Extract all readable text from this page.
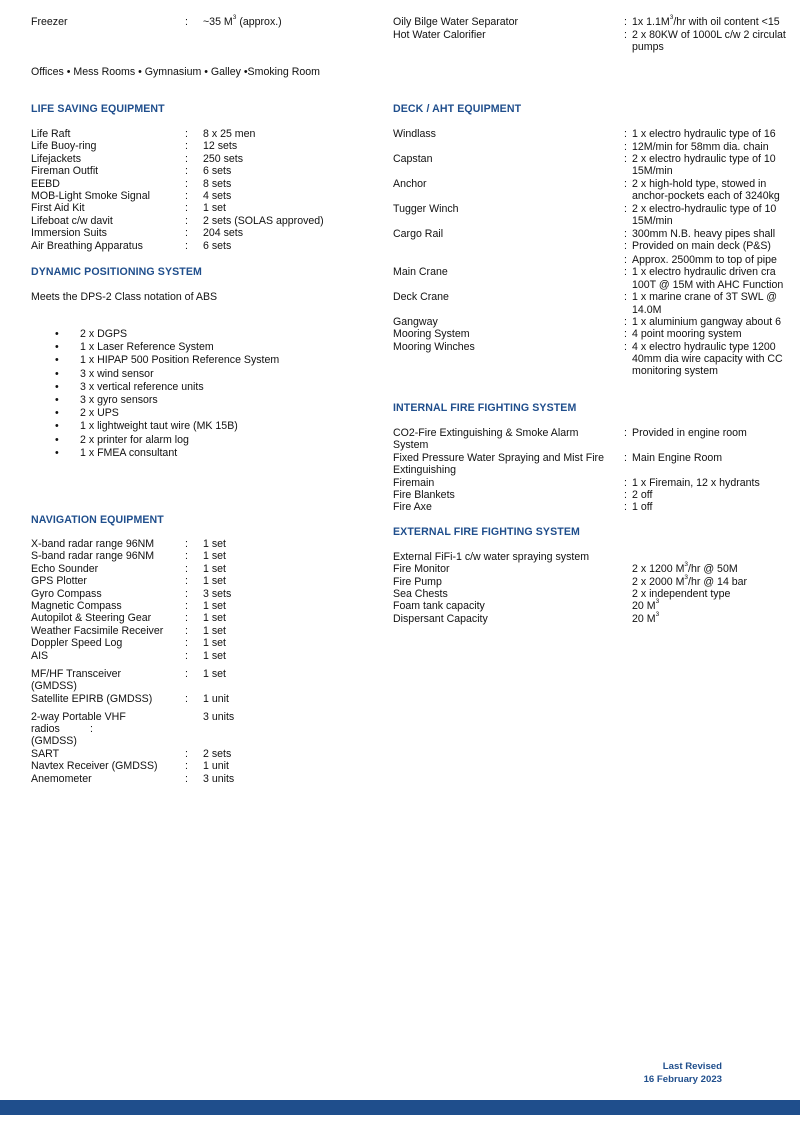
Freezer	: ~35 $M^3$ (approx.)
Offices • Mess Rooms • Gymnasium • Galley •Smoking Room
LIFE SAVING EQUIPMENT
Life Raft	: 8 x 25 men
Life Buoy-ring	: 12 sets
Lifejackets	: 250 sets
Fireman Outfit	: 6 sets
EEBD	: 8 sets
MOB-Light Smoke Signal	: 4 sets
First Aid Kit	: 1 set
Lifeboat c/w davit	: 2 sets (SOLAS approved)
Immersion Suits	: 204 sets
Air Breathing Apparatus	: 6 sets
DYNAMIC POSITIONING SYSTEM
Meets the DPS-2 Class notation of ABS
• 2 x DGPS
• 1 x Laser Reference System
• 1 x HIPAP 500 Position Reference System
• 3 x wind sensor
• 3 x vertical reference units
• 3 x gyro sensors
• 2 x UPS
• 1 x lightweight taut wire (MK 15B)
• 2 x printer for alarm log
• 1 x FMEA consultant
NAVIGATION EQUIPMENT
X-band radar range 96NM	: 1 set
S-band radar range 96NM	: 1 set
Echo Sounder	: 1 set
GPS Plotter	: 1 set
Gyro Compass	: 3 sets
Magnetic Compass	: 1 set
Autopilot & Steering Gear	: 1 set
Weather Facsimile Receiver : 1 set
Doppler Speed Log	: 1 set
AIS	: 1 set
MF/HF Transceiver	: 1 set
(GMDSS)
Satellite EPIRB (GMDSS)	: 1 unit
2-way Portable VHF	3 units
radios	:
(GMDSS)
SART	: 2 sets
Navtex Receiver (GMDSS)	: 1 unit
Anemometer	: 3 units
Oily Bilge Water Separator	: 1x $1.1M^3/hr$ with oil content <15
Hot Water Calorifier	: 2 x 80KW of 1000L c/w 2 circulat
pumps
DECK / AHT EQUIPMENT
Windlass	: 1 x electro hydraulic type of 16
: 12M/min for 58mm dia. chain
Capstan	: 2 x electro hydraulic type of 10
15M/min
Anchor	: 2 x high-hold type, stowed in
anchor-pockets each of 3240kg
Tugger Winch	: 2 x electro-hydraulic type of 10
15M/min
Cargo Rail	: 300mm N.B. heavy pipes shall
: Provided on main deck (P&S)
: Approx. 2500mm to top of pipe
Main Crane	: 1 x electro hydraulic driven cra
100T @ 15M with AHC Function
Deck Crane	: 1 x marine crane of 3T SWL @
14.0M
Gangway	: 1 x aluminium gangway about 6
Mooring System	: 4 point mooring system
Mooring Winches	: 4 x electro hydraulic type 1200
40mm dia wire capacity with CC
monitoring system
INTERNAL FIRE FIGHTING SYSTEM
CO2-Fire Extinguishing & Smoke Alarm	: Provided in engine room
System
Fixed Pressure Water Spraying and Mist Fire : Main Engine Room
Extinguishing
Firemain	: 1 x Firemain, 12 x hydrants
Fire Blankets	: 2 off
Fire Axe	: 1 off
EXTERNAL FIRE FIGHTING SYSTEM
External FiFi-1 c/w water spraying system
Fire Monitor	2 x 1200 $M^3/hr$ @ 50M
Fire Pump	2 x 2000 $M^3/hr$ @ 14 bar
Sea Chests	2 x independent type
Foam tank capacity	20 $M^3$
Dispersant Capacity	20 $M^3$
Last Revised
16 February 2023
